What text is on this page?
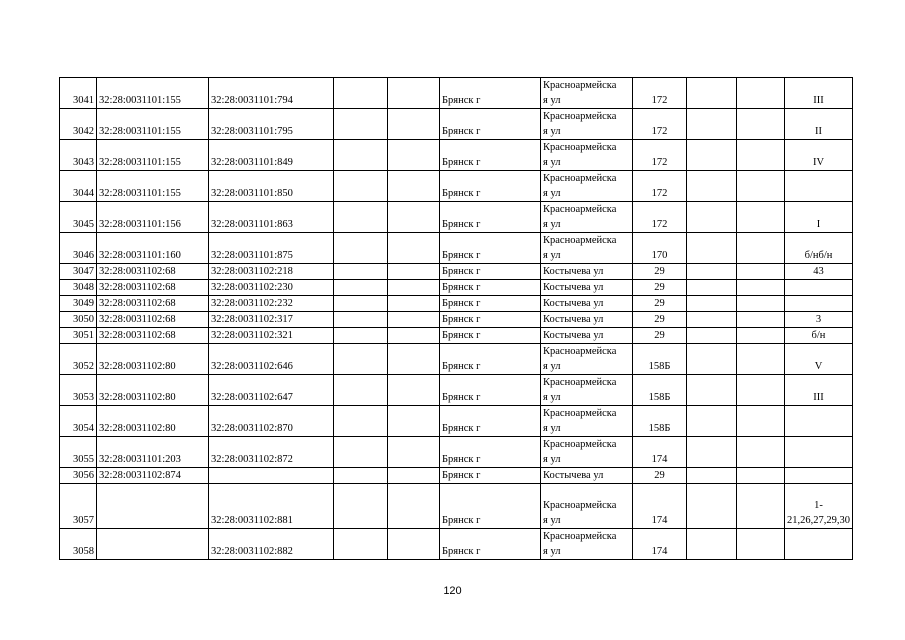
3041	32:28:0031101:155	32:28:0031101:794			Брянск г	Красноармейска
я ул	172			III
3042	32:28:0031101:155	32:28:0031101:795			Брянск г	Красноармейска
я ул	172			II
3043	32:28:0031101:155	32:28:0031101:849			Брянск г	Красноармейска
я ул	172			IV
3044	32:28:0031101:155	32:28:0031101:850			Брянск г	Красноармейска
я ул	172			
3045	32:28:0031101:156	32:28:0031101:863			Брянск г	Красноармейска
я ул	172			I
3046	32:28:0031101:160	32:28:0031101:875			Брянск г	Красноармейска
я ул	170			б/нб/н
3047	32:28:0031102:68	32:28:0031102:218			Брянск г	Костычева ул	29			43
3048	32:28:0031102:68	32:28:0031102:230			Брянск г	Костычева ул	29			
3049	32:28:0031102:68	32:28:0031102:232			Брянск г	Костычева ул	29			
3050	32:28:0031102:68	32:28:0031102:317			Брянск г	Костычева ул	29			3
3051	32:28:0031102:68	32:28:0031102:321			Брянск г	Костычева ул	29			б/н
3052	32:28:0031102:80	32:28:0031102:646			Брянск г	Красноармейска
я ул	158Б			V
3053	32:28:0031102:80	32:28:0031102:647			Брянск г	Красноармейска
я ул	158Б			III
3054	32:28:0031102:80	32:28:0031102:870			Брянск г	Красноармейска
я ул	158Б			
3055	32:28:0031101:203	32:28:0031102:872			Брянск г	Красноармейска
я ул	174			
3056	32:28:0031102:874				Брянск г	Костычева ул	29			
3057		32:28:0031102:881			Брянск г	Красноармейска
я ул	174			1-21,26,27,29,30
3058		32:28:0031102:882			Брянск г	Красноармейска
я ул	174			
120
